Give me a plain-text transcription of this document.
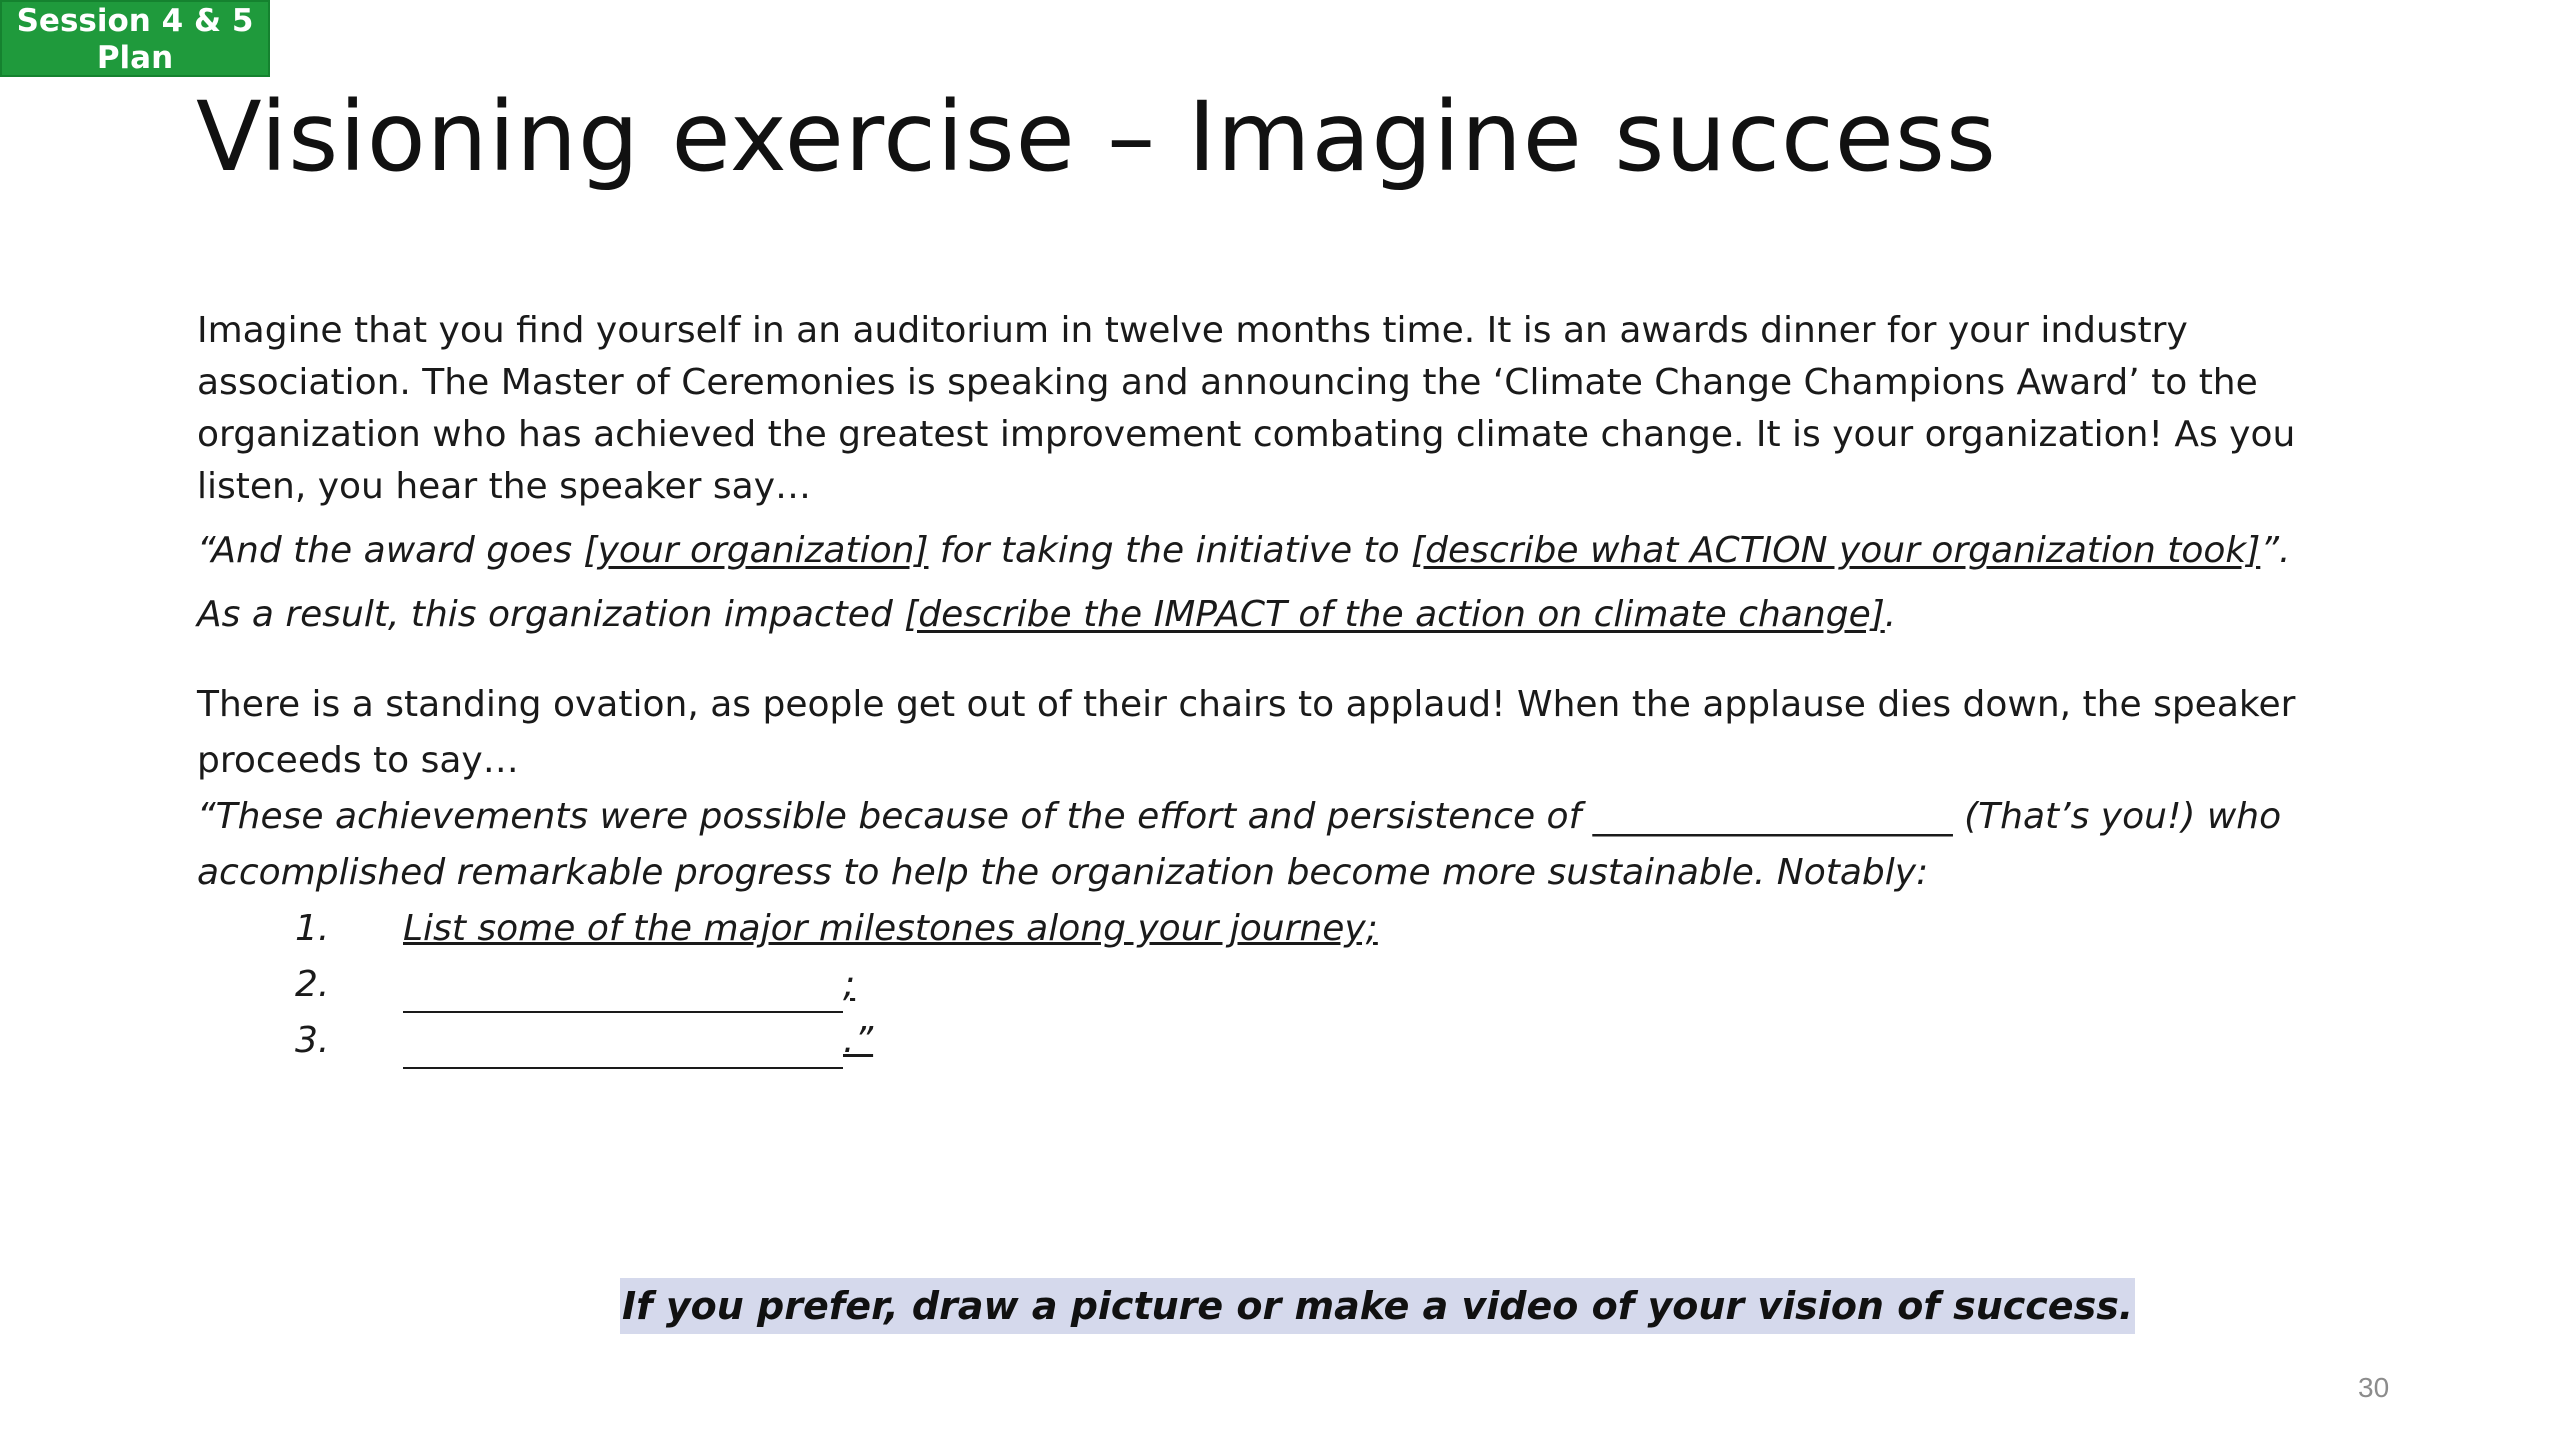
Session 4 & 5
Plan
Visioning exercise – Imagine success

Imagine that you find yourself in an auditorium in twelve months time. It is an awards dinner for your industry association. The Master of Ceremonies is speaking and announcing the ‘Climate Change Champions Award’ to the organization who has achieved the greatest improvement combating climate change. It is your organization! As you listen, you hear the speaker say…

“And the award goes [your organization] for taking the initiative to [describe what ACTION your organization took]”.

As a result, this organization impacted [describe the IMPACT of the action on climate change].

There is a standing ovation, as people get out of their chairs to applaud! When the applause dies down, the speaker proceeds to say…

“These achievements were possible because of the effort and persistence of ____________________ (That’s you!) who accomplished remarkable progress to help the organization become more sustainable. Notably:

1.	List some of the major milestones along your journey;
2.	;
3.	.”
If you prefer, draw a picture or make a video of your vision of success.
30
